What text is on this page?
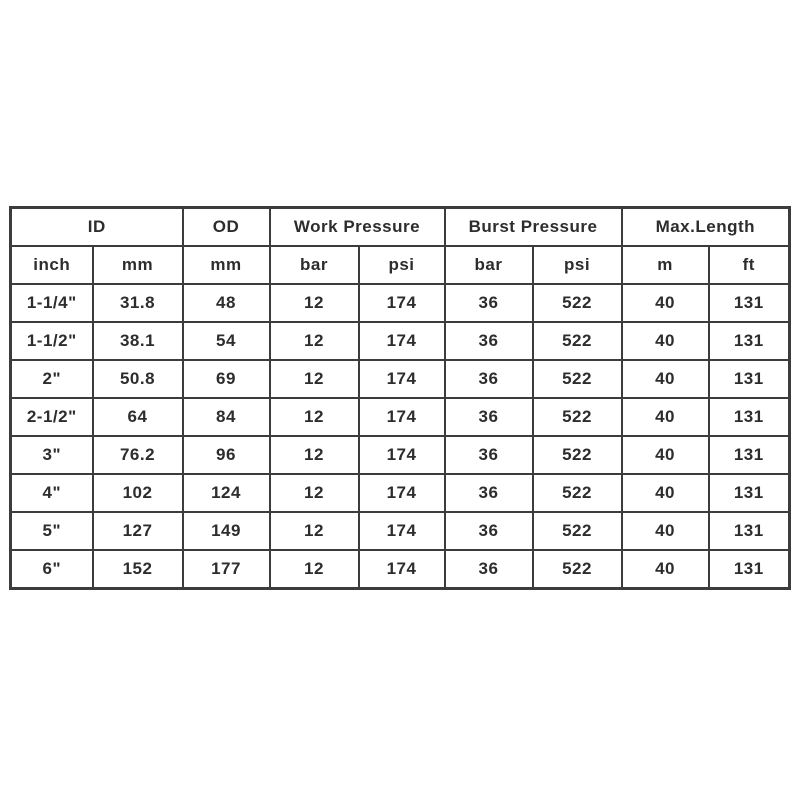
ID		OD	Work Pressure		Burst Pressure		Max.Length	
inch	mm	mm	bar	psi	bar	psi	m	ft
1-1/4"	31.8	48	12	174	36	522	40	131
1-1/2"	38.1	54	12	174	36	522	40	131
2"	50.8	69	12	174	36	522	40	131
2-1/2"	64	84	12	174	36	522	40	131
3"	76.2	96	12	174	36	522	40	131
4"	102	124	12	174	36	522	40	131
5"	127	149	12	174	36	522	40	131
6"	152	177	12	174	36	522	40	131
